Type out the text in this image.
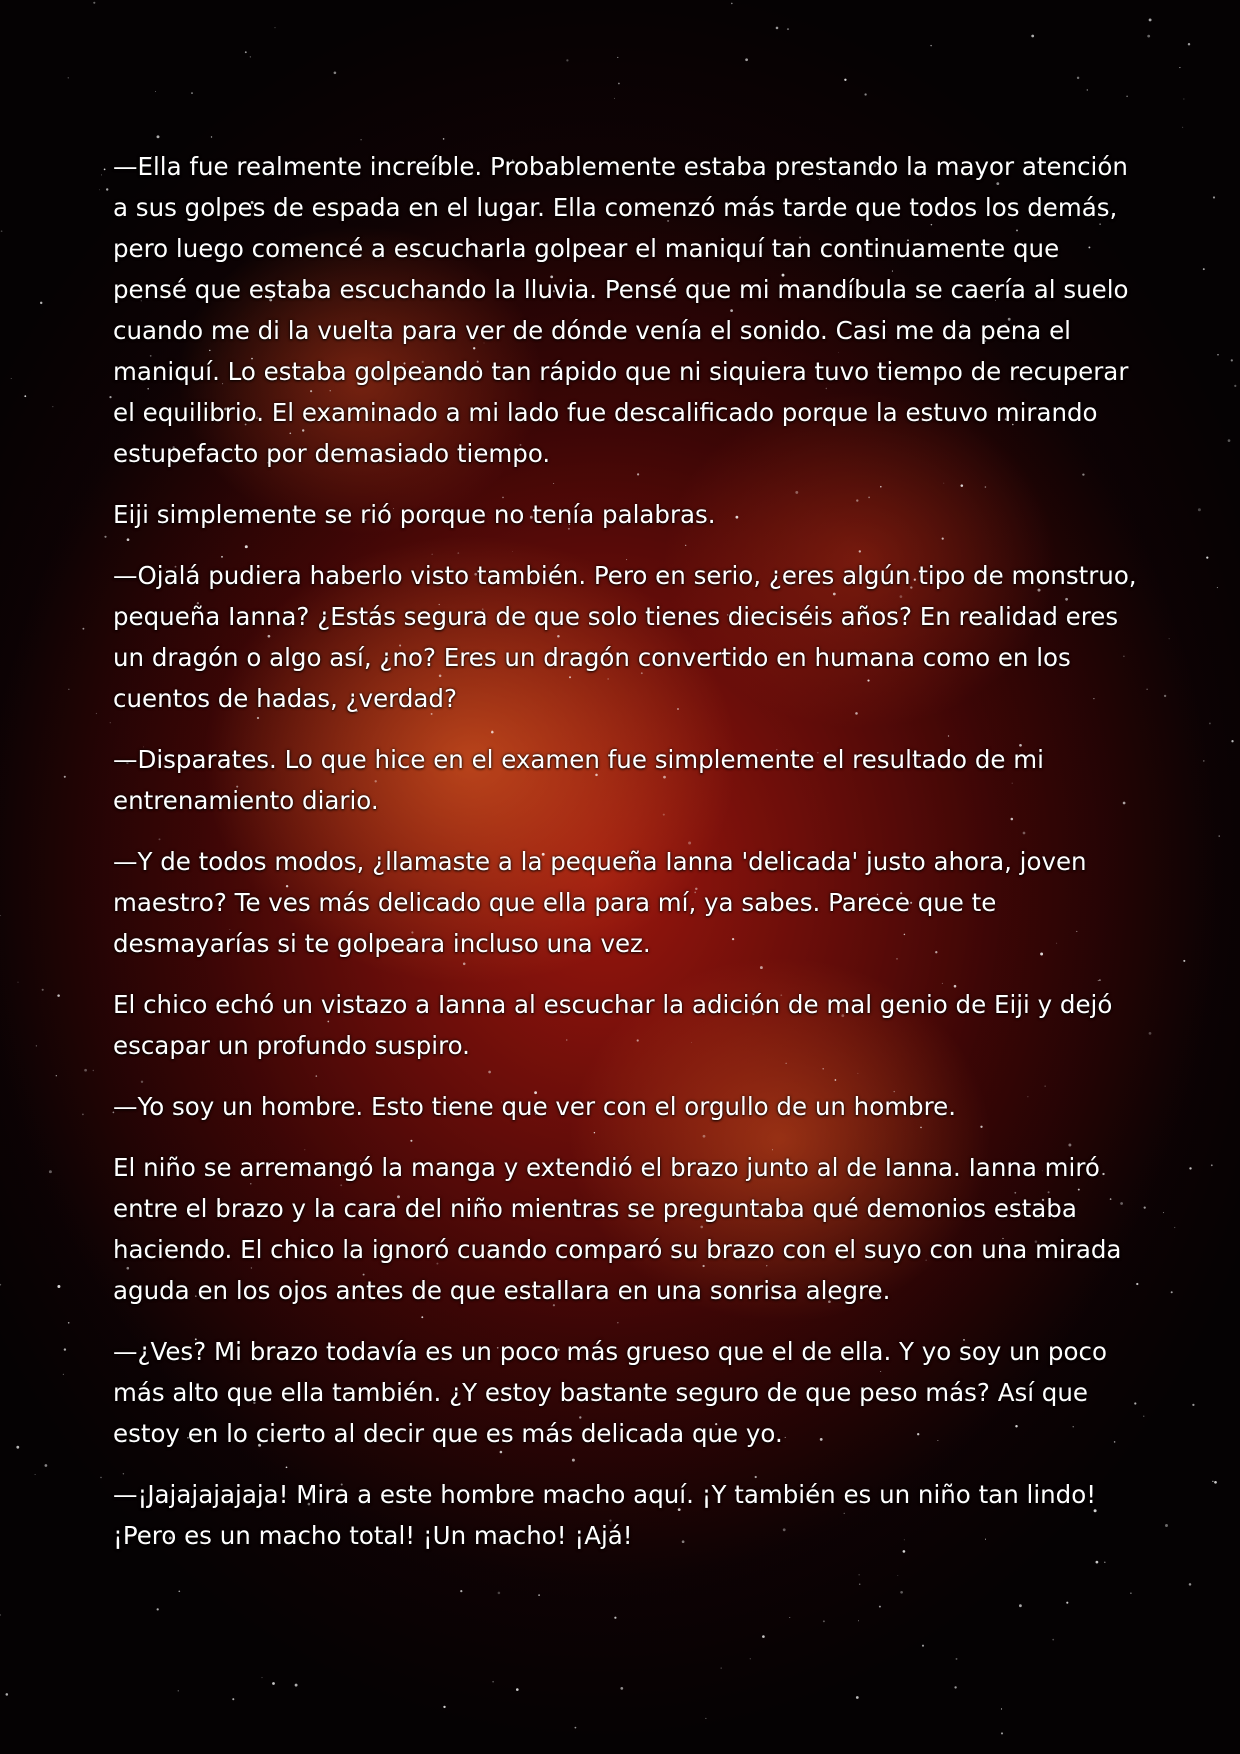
—Ella fue realmente increíble. Probablemente estaba prestando la mayor atención a sus golpes de espada en el lugar. Ella comenzó más tarde que todos los demás, pero luego comencé a escucharla golpear el maniquí tan continuamente que pensé que estaba escuchando la lluvia. Pensé que mi mandíbula se caería al suelo cuando me di la vuelta para ver de dónde venía el sonido. Casi me da pena el maniquí. Lo estaba golpeando tan rápido que ni siquiera tuvo tiempo de recuperar el equilibrio. El examinado a mi lado fue descalificado porque la estuvo mirando estupefacto por demasiado tiempo.

Eiji simplemente se rió porque no tenía palabras.

—Ojalá pudiera haberlo visto también. Pero en serio, ¿eres algún tipo de monstruo, pequeña Ianna? ¿Estás segura de que solo tienes dieciséis años? En realidad eres un dragón o algo así, ¿no? Eres un dragón convertido en humana como en los cuentos de hadas, ¿verdad?

—Disparates. Lo que hice en el examen fue simplemente el resultado de mi entrenamiento diario.

—Y de todos modos, ¿llamaste a la pequeña Ianna 'delicada' justo ahora, joven maestro? Te ves más delicado que ella para mí, ya sabes. Parece que te desmayarías si te golpeara incluso una vez.

El chico echó un vistazo a Ianna al escuchar la adición de mal genio de Eiji y dejó escapar un profundo suspiro.

—Yo soy un hombre. Esto tiene que ver con el orgullo de un hombre.

El niño se arremangó la manga y extendió el brazo junto al de Ianna. Ianna miró entre el brazo y la cara del niño mientras se preguntaba qué demonios estaba haciendo. El chico la ignoró cuando comparó su brazo con el suyo con una mirada aguda en los ojos antes de que estallara en una sonrisa alegre.

—¿Ves? Mi brazo todavía es un poco más grueso que el de ella. Y yo soy un poco más alto que ella también. ¿Y estoy bastante seguro de que peso más? Así que estoy en lo cierto al decir que es más delicada que yo.

—¡Jajajajajaja! Mira a este hombre macho aquí. ¡Y también es un niño tan lindo! ¡Pero es un macho total! ¡Un macho! ¡Ajá!
